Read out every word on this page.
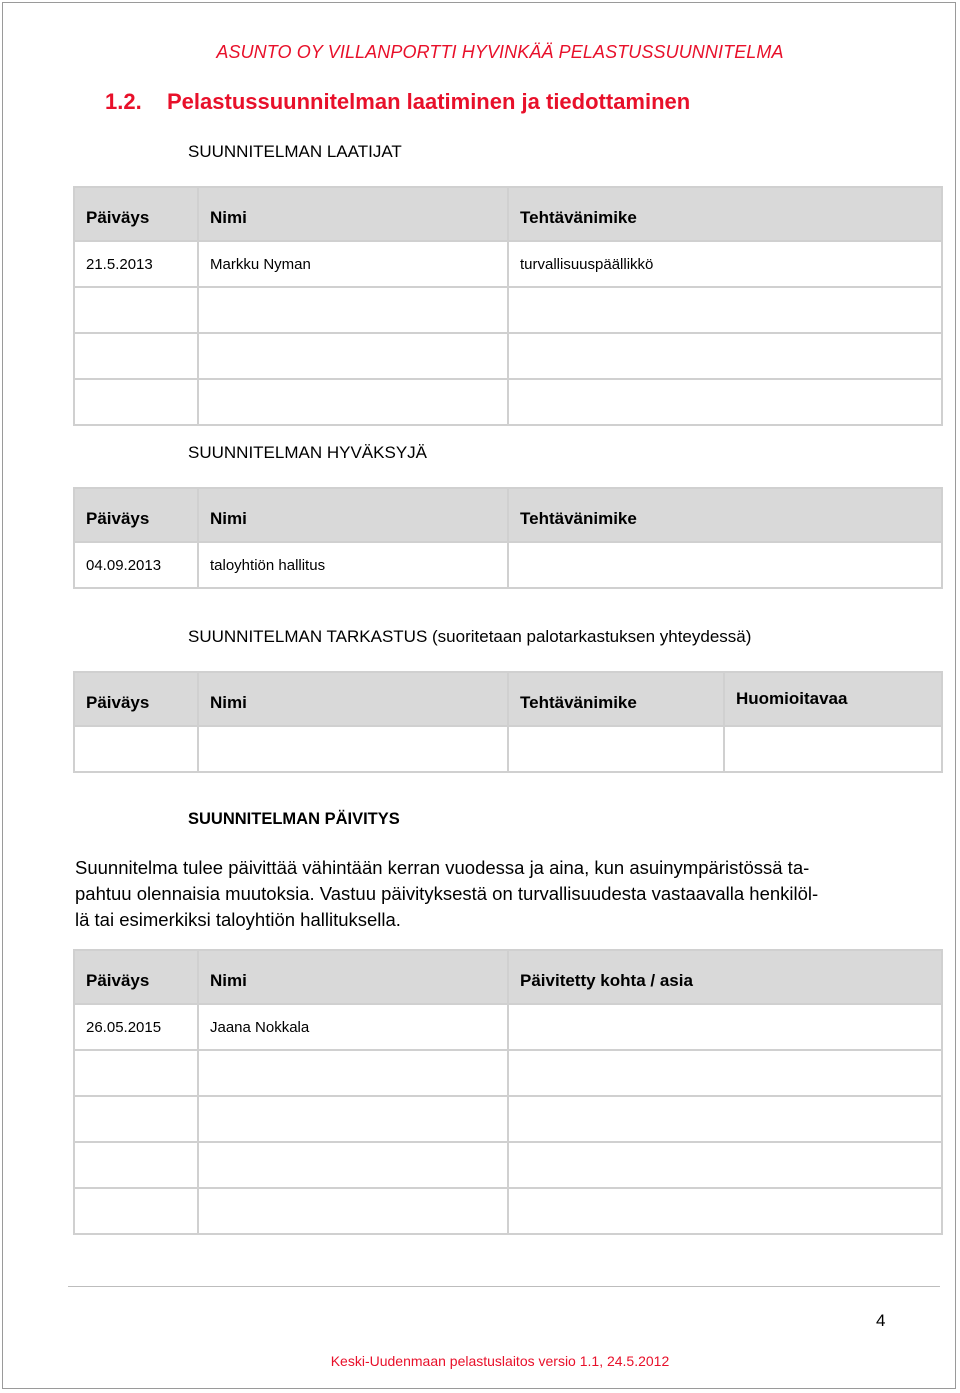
ASUNTO OY VILLANPORTTI HYVINKÄÄ PELASTUSSUUNNITELMA
1.2. Pelastussuunnitelman laatiminen ja tiedottaminen
SUUNNITELMAN LAATIJAT
Päiväys	Nimi	Tehtävänimike
21.5.2013	Markku Nyman	turvallisuuspäällikkö

SUUNNITELMAN HYVÄKSYJÄ
Päiväys	Nimi	Tehtävänimike
04.09.2013	taloyhtiön hallitus	
SUUNNITELMAN TARKASTUS (suoritetaan palotarkastuksen yhteydessä)
Päiväys	Nimi	Tehtävänimike	Huomioitavaa

SUUNNITELMAN PÄIVITYS
Suunnitelma tulee päivittää vähintään kerran vuodessa ja aina, kun asuinympäristössä ta-
pahtuu olennaisia muutoksia. Vastuu päivityksestä on turvallisuudesta vastaavalla henkilöl-
lä tai esimerkiksi taloyhtiön hallituksella.
Päiväys	Nimi	Päivitetty kohta / asia
26.05.2015	Jaana Nokkala	

4
Keski-Uudenmaan pelastuslaitos versio 1.1, 24.5.2012
